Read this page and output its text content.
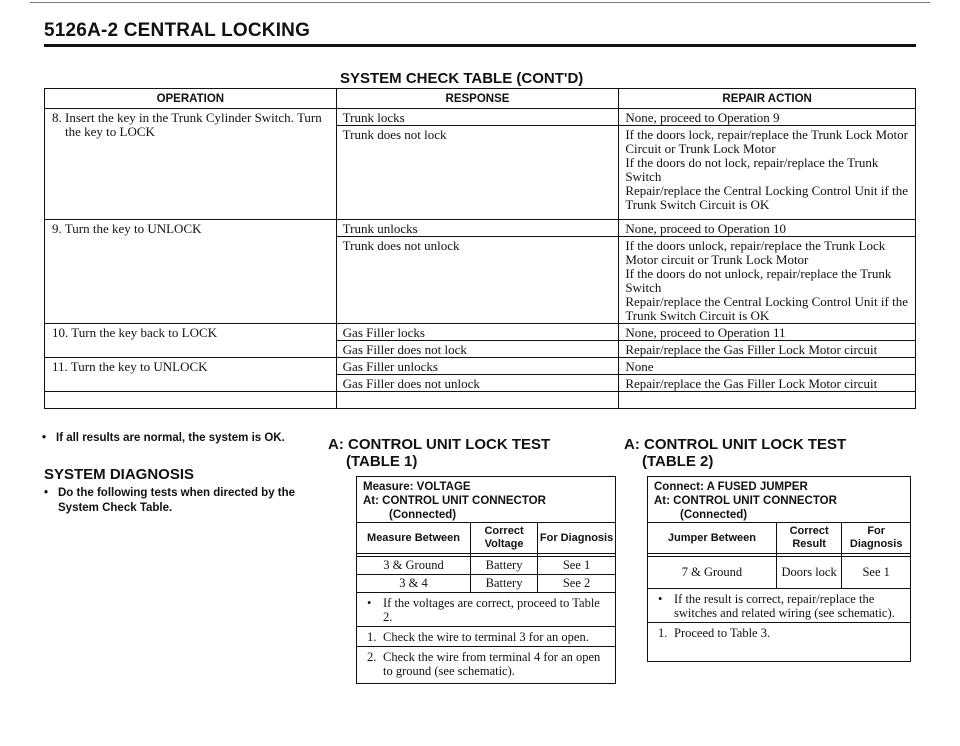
5126A-2 CENTRAL LOCKING
SYSTEM CHECK TABLE (CONT'D)
OPERATION	RESPONSE	REPAIR ACTION
8. Insert the key in the Trunk Cylinder Switch. Turn the key to LOCK	Trunk locks	None, proceed to Operation 9

	Trunk does not lock	If the doors lock, repair/replace the Trunk Lock Motor Circuit or Trunk Lock Motor
If the doors do not lock, repair/replace the Trunk Switch
Repair/replace the Central Locking Control Unit if the Trunk Switch Circuit is OK

9. Turn the key to UNLOCK	Trunk unlocks	None, proceed to Operation 10

	Trunk does not unlock	If the doors unlock, repair/replace the Trunk Lock Motor circuit or Trunk Lock Motor
If the doors do not unlock, repair/replace the Trunk Switch
Repair/replace the Central Locking Control Unit if the Trunk Switch Circuit is OK

10. Turn the key back to LOCK	Gas Filler locks	None, proceed to Operation 11

	Gas Filler does not lock	Repair/replace the Gas Filler Lock Motor circuit

11. Turn the key to UNLOCK	Gas Filler unlocks	None

	Gas Filler does not unlock	Repair/replace the Gas Filler Lock Motor circuit

• If all results are normal, the system is OK.
SYSTEM DIAGNOSIS
• Do the following tests when directed by the System Check Table.
A: CONTROL UNIT LOCK TEST
(TABLE 1)
Measure: VOLTAGE
At: CONTROL UNIT CONNECTOR
(Connected)
Measure Between	Correct Voltage	For Diagnosis

3 & Ground	Battery	See 1
3 & 4	Battery	See 2
• If the voltages are correct, proceed to Table 2.
1. Check the wire to terminal 3 for an open.
2. Check the wire from terminal 4 for an open to ground (see schematic).
A: CONTROL UNIT LOCK TEST
(TABLE 2)
Connect: A FUSED JUMPER
At: CONTROL UNIT CONNECTOR
(Connected)
Jumper Between	Correct Result	For Diagnosis

7 & Ground	Doors lock	See 1
• If the result is correct, repair/replace the switches and related wiring (see schematic).
1. Proceed to Table 3.
